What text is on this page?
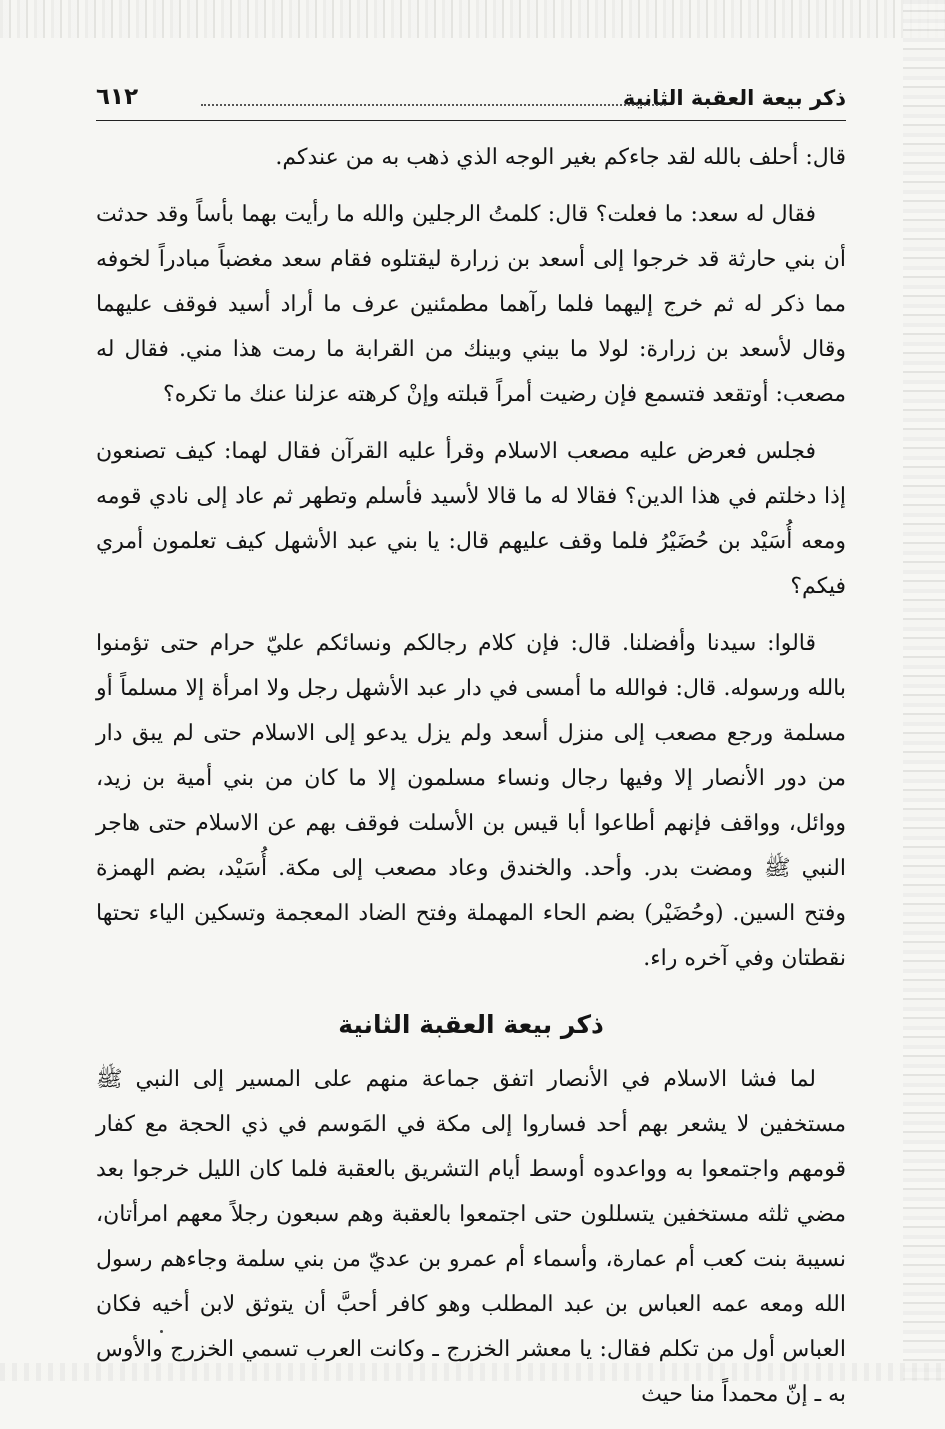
ذكر بيعة العقبة الثانية
٦١٢

قال: أحلف بالله لقد جاءكم بغير الوجه الذي ذهب به من عندكم.

فقال له سعد: ما فعلت؟ قال: كلمتُ الرجلين والله ما رأيت بهما بأساً وقد حدثت أن بني حارثة قد خرجوا إلى أسعد بن زرارة ليقتلوه فقام سعد مغضباً مبادراً لخوفه مما ذكر له ثم خرج إليهما فلما رآهما مطمئنين عرف ما أراد أسيد فوقف عليهما وقال لأسعد بن زرارة: لولا ما بيني وبينك من القرابة ما رمت هذا مني. فقال له مصعب: أوتقعد فتسمع فإن رضيت أمراً قبلته وإنْ كرهته عزلنا عنك ما تكره؟

فجلس فعرض عليه مصعب الاسلام وقرأ عليه القرآن فقال لهما: كيف تصنعون إذا دخلتم في هذا الدين؟ فقالا له ما قالا لأسيد فأسلم وتطهر ثم عاد إلى نادي قومه ومعه أُسَيْد بن حُضَيْرُ فلما وقف عليهم قال: يا بني عبد الأشهل كيف تعلمون أمري فيكم؟

قالوا: سيدنا وأفضلنا. قال: فإن كلام رجالكم ونسائكم عليّ حرام حتى تؤمنوا بالله ورسوله. قال: فوالله ما أمسى في دار عبد الأشهل رجل ولا امرأة إلا مسلماً أو مسلمة ورجع مصعب إلى منزل أسعد ولم يزل يدعو إلى الاسلام حتى لم يبق دار من دور الأنصار إلا وفيها رجال ونساء مسلمون إلا ما كان من بني أمية بن زيد، ووائل، وواقف فإنهم أطاعوا أبا قيس بن الأسلت فوقف بهم عن الاسلام حتى هاجر النبي ﷺ ومضت بدر. وأحد. والخندق وعاد مصعب إلى مكة. أُسَيْد، بضم الهمزة وفتح السين. (وحُضَيْر) بضم الحاء المهملة وفتح الضاد المعجمة وتسكين الياء تحتها نقطتان وفي آخره راء.

ذكر بيعة العقبة الثانية

لما فشا الاسلام في الأنصار اتفق جماعة منهم على المسير إلى النبي ﷺ مستخفين لا يشعر بهم أحد فساروا إلى مكة في المَوسم في ذي الحجة مع كفار قومهم واجتمعوا به وواعدوه أوسط أيام التشريق بالعقبة فلما كان الليل خرجوا بعد مضي ثلثه مستخفين يتسللون حتى اجتمعوا بالعقبة وهم سبعون رجلاً معهم امرأتان، نسيبة بنت كعب أم عمارة، وأسماء أم عمرو بن عديّ من بني سلمة وجاءهم رسول الله ومعه عمه العباس بن عبد المطلب وهو كافر أحبَّ أن يتوثق لابن أخيه فكان العباس أول من تكلم فقال: يا معشر الخزرج ـ وكانت العرب تسمي الخزرج والأوس به ـ إنّ محمداً منا حيث
